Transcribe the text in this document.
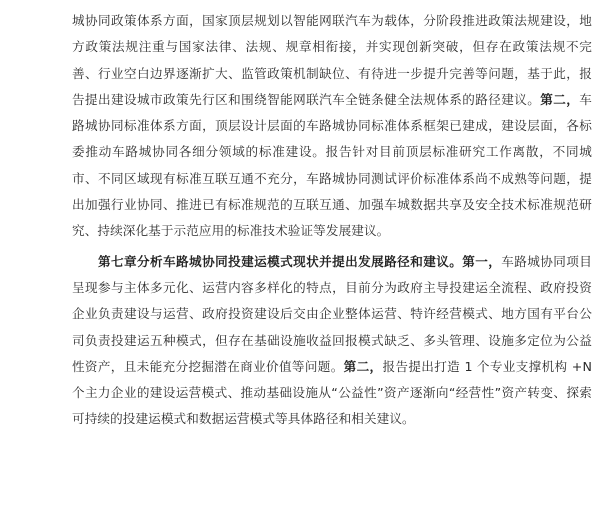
城协同政策体系方面，国家顶层规划以智能网联汽车为载体，分阶段推进政策法规建设，地方政策法规注重与国家法律、法规、规章相衔接，并实现创新突破，但存在政策法规不完善、行业空白边界逐渐扩大、监管政策机制缺位、有待进一步提升完善等问题，基于此，报告提出建设城市政策先行区和围绕智能网联汽车全链条健全法规体系的路径建议。第二，车路城协同标准体系方面，顶层设计层面的车路城协同标准体系框架已建成，建设层面，各标委推动车路城协同各细分领域的标准建设。报告针对目前顶层标准研究工作离散，不同城市、不同区域现有标准互联互通不充分，车路城协同测试评价标准体系尚不成熟等问题，提出加强行业协同、推进已有标准规范的互联互通、加强车城数据共享及安全技术标准规范研究、持续深化基于示范应用的标准技术验证等发展建议。

第七章分析车路城协同投建运模式现状并提出发展路径和建议。第一，车路城协同项目呈现参与主体多元化、运营内容多样化的特点，目前分为政府主导投建运全流程、政府投资企业负责建设与运营、政府投资建设后交由企业整体运营、特许经营模式、地方国有平台公司负责投建运五种模式，但存在基础设施收益回报模式缺乏、多头管理、设施多定位为公益性资产，且未能充分挖掘潜在商业价值等问题。第二，报告提出打造 1 个专业支撑机构 +N 个主力企业的建设运营模式、推动基础设施从“公益性”资产逐渐向“经营性”资产转变、探索可持续的投建运模式和数据运营模式等具体路径和相关建议。
